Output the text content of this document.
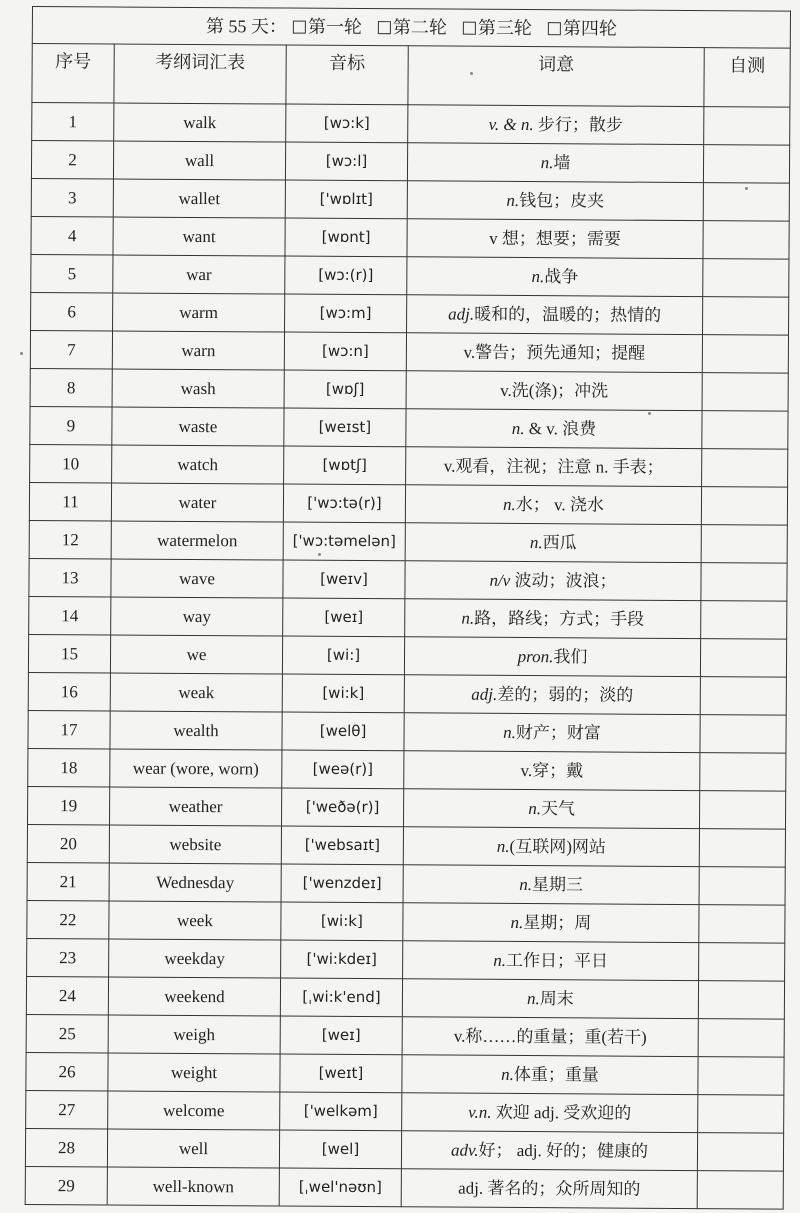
第 55 天： 第一轮 第二轮 第三轮 第四轮				
序号	考纲词汇表	音标	词意	自测
1	walk	[wɔ:k]	v. & n. 步行；散步	
2	wall	[wɔ:l]	n.墙	
3	wallet	['wɒlɪt]	n.钱包；皮夹	
4	want	[wɒnt]	v 想；想要；需要	
5	war	[wɔ:(r)]	n.战争	
6	warm	[wɔ:m]	adj.暖和的，温暖的；热情的	
7	warn	[wɔ:n]	v.警告；预先通知；提醒	
8	wash	[wɒʃ]	v.洗(涤)；冲洗	
9	waste	[weɪst]	n. & v. 浪费	
10	watch	[wɒtʃ]	v.观看，注视；注意 n. 手表；	
11	water	['wɔ:tə(r)]	n.水； v. 浇水	
12	watermelon	['wɔ:təmelən]	n.西瓜	
13	wave	[weɪv]	n/v 波动；波浪；	
14	way	[weɪ]	n.路，路线；方式；手段	
15	we	[wi:]	pron.我们	
16	weak	[wi:k]	adj.差的；弱的；淡的	
17	wealth	[welθ]	n.财产；财富	
18	wear (wore, worn)	[weə(r)]	v.穿；戴	
19	weather	['weðə(r)]	n.天气	
20	website	['websaɪt]	n.(互联网)网站	
21	Wednesday	['wenzdeɪ]	n.星期三	
22	week	[wi:k]	n.星期；周	
23	weekday	['wi:kdeɪ]	n.工作日；平日	
24	weekend	[ˌwi:k'end]	n.周末	
25	weigh	[weɪ]	v.称……的重量；重(若干)	
26	weight	[weɪt]	n.体重；重量	
27	welcome	['welkəm]	v.n. 欢迎 adj. 受欢迎的	
28	well	[wel]	adv.好； adj. 好的；健康的	
29	well-known	[ˌwel'nəʊn]	adj. 著名的；众所周知的	
